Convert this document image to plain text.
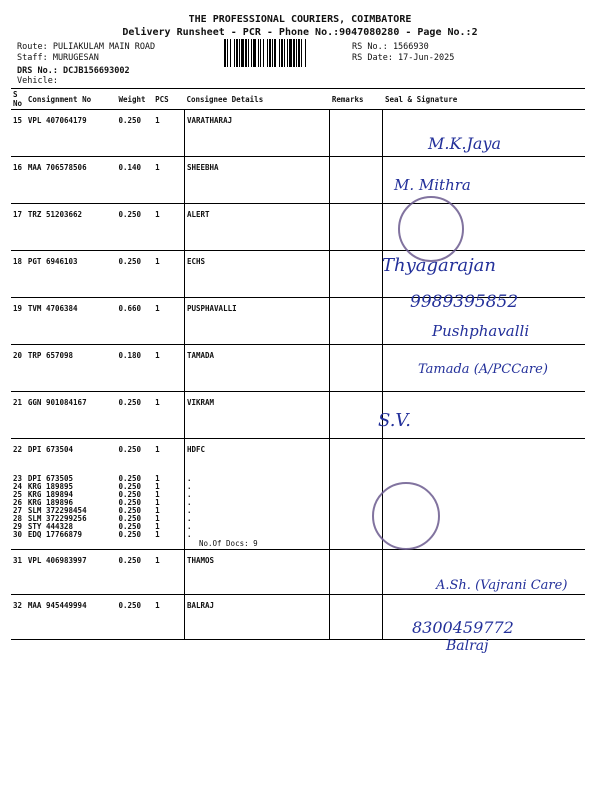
THE PROFESSIONAL COURIERS, COIMBATORE
Delivery Runsheet - PCR - Phone No.:9047080280 - Page No.:2
Route: PULIAKULAM MAIN ROAD
Staff: MURUGESAN
DRS No.: DCJB156693002
Vehicle:
RS No.: 1566930
RS Date: 17-Jun-2025
S No	Consignment No	Weight	PCS	Consignee Details	Remarks	Seal & Signature
15	VPL 407064179	0.250	1	VARATHARAJ		
16	MAA 706578506	0.140	1	SHEEBHA		
17	TRZ 51203662	0.250	1	ALERT		
18	PGT 6946103	0.250	1	ECHS		
19	TVM 4706384	0.660	1	PUSPHAVALLI		
20	TRP 657098	0.180	1	TAMADA		
21	GGN 901084167	0.250	1	VIKRAM		
22	DPI 673504	0.250	1	HDFC		
23	DPI 673505	0.250	1	.		
24	KRG 189895	0.250	1	.		
25	KRG 189894	0.250	1	.		
26	KRG 189896	0.250	1	.		
27	SLM 372298454	0.250	1	.		
28	SLM 372299256	0.250	1	.		
29	STY 444328	0.250	1	.		
30	EDQ 17766879	0.250	1	.		
				No.Of Docs: 9		
31	VPL 406983997	0.250	1	THAMOS		
32	MAA 945449994	0.250	1	BALRAJ		
M.K.Jaya
M. Mithra
Thyagarajan
9989395852
Pushphavalli
Tamada (A/PCCare)
S.V.
A.Sh. (Vajrani Care)
8300459772
Balraj
